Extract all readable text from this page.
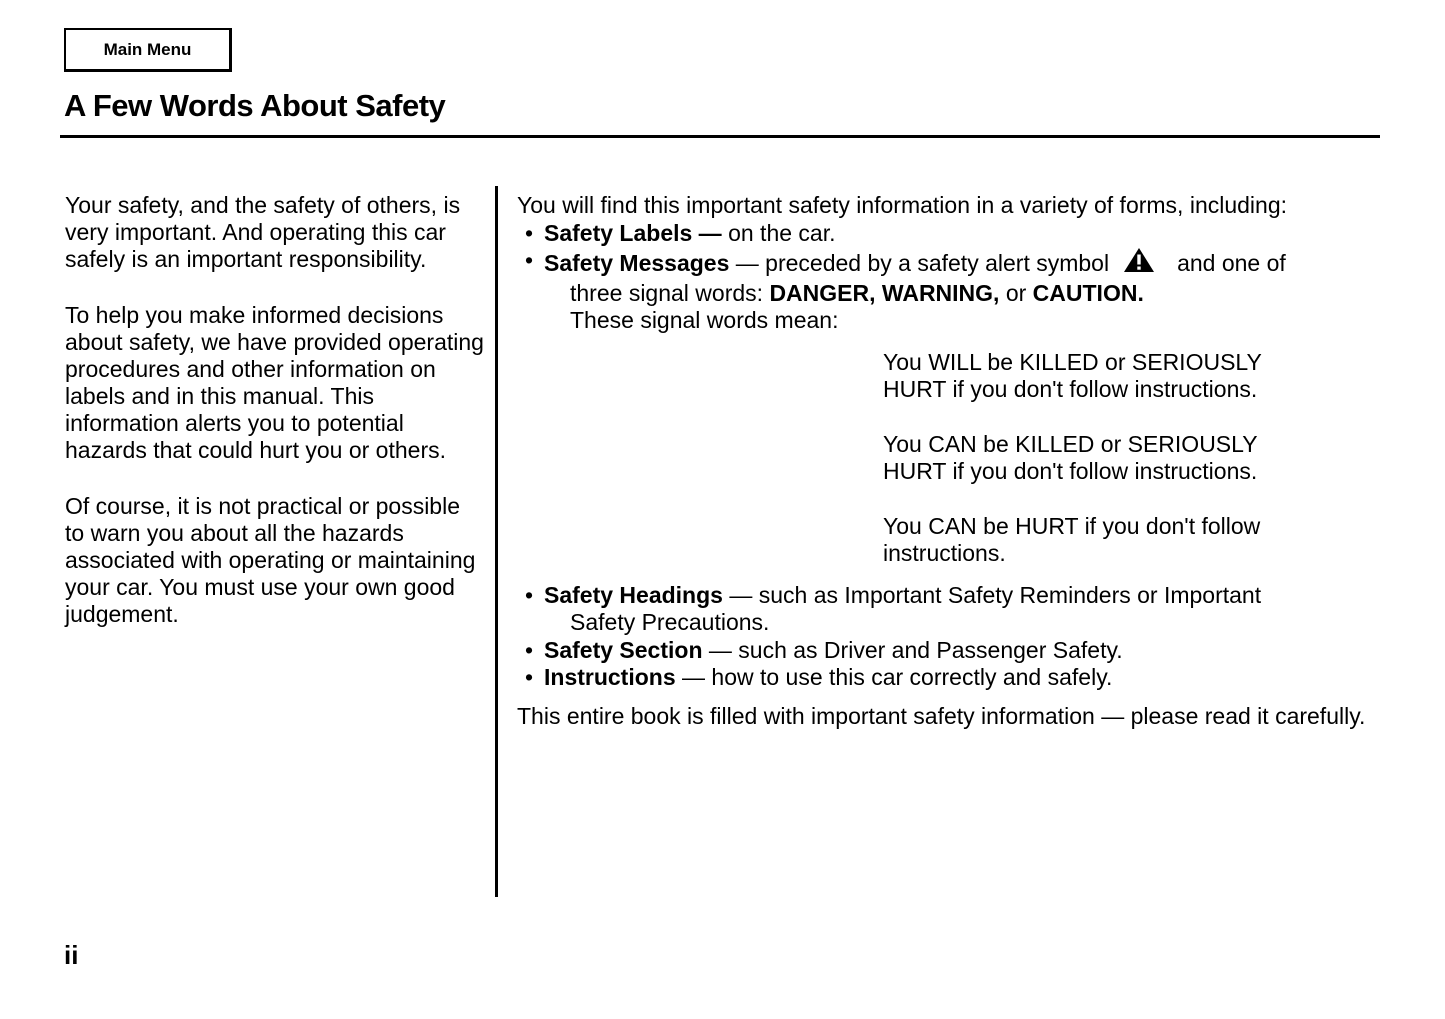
Main Menu
A Few Words About Safety

Your safety, and the safety of others, is very important. And operating this car safely is an important responsibility.

To help you make informed decisions about safety, we have provided operating procedures and other information on labels and in this manual. This information alerts you to potential hazards that could hurt you or others.

Of course, it is not practical or possible to warn you about all the hazards associated with operating or maintaining your car. You must use your own good judgement.

You will find this important safety information in a variety of forms, including:

• Safety Labels — on the car.
• Safety Messages — preceded by a safety alert symbol	and one of
three signal words: DANGER, WARNING, or CAUTION.
These signal words mean:

You WILL be KILLED or SERIOUSLY HURT if you don't follow instructions.

You CAN be KILLED or SERIOUSLY HURT if you don't follow instructions.

You CAN be HURT if you don't follow instructions.

• Safety Headings — such as Important Safety Reminders or Important
Safety Precautions.
• Safety Section — such as Driver and Passenger Safety.
• Instructions — how to use this car correctly and safely.

This entire book is filled with important safety information — please read it carefully.

ii
